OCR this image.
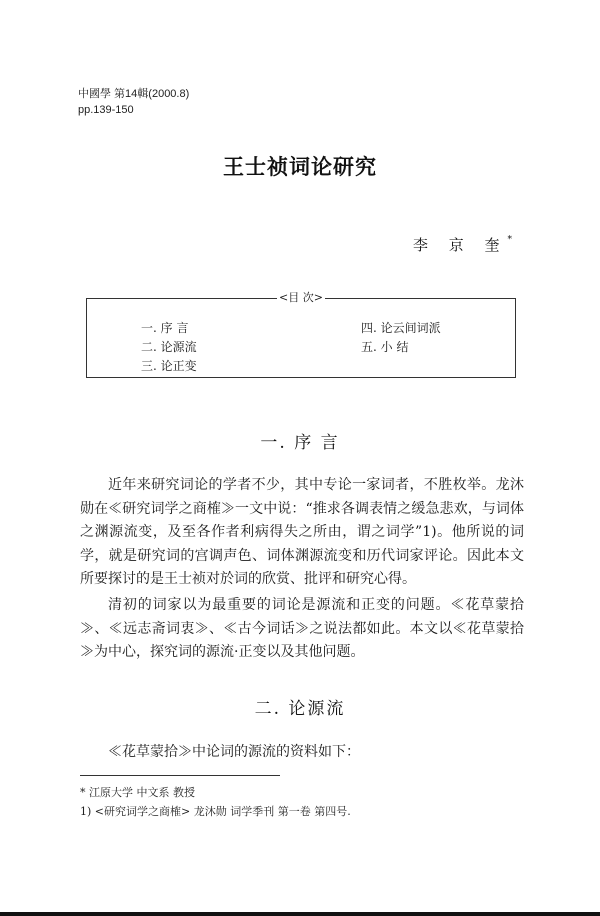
中國學 第14輯(2000.8)
pp.139-150
王士祯词论研究
李 京 奎*
<目 次>
一. 序 言
二. 论源流
三. 论正变
四. 论云间词派
五. 小 结
一. 序 言
近年来研究词论的学者不少，其中专论一家词者，不胜枚举。龙沐勋在≪研究词学之商榷≫一文中说：“推求各调表情之缓急悲欢，与词体之渊源流变，及至各作者利病得失之所由，谓之词学”1)。他所说的词学，就是研究词的宫调声色、词体渊源流变和历代词家评论。因此本文所要探讨的是王士祯对於词的欣赏、批评和研究心得。
清初的词家以为最重要的词论是源流和正变的问题。≪花草蒙拾≫、≪远志斋词衷≫、≪古今词话≫之说法都如此。本文以≪花草蒙拾≫为中心，探究词的源流·正变以及其他问题。
二. 论源流
≪花草蒙拾≫中论词的源流的资料如下：
* 江原大学 中文系 教授
1) <研究词学之商榷> 龙沐勋 词学季刊 第一卷 第四号.
